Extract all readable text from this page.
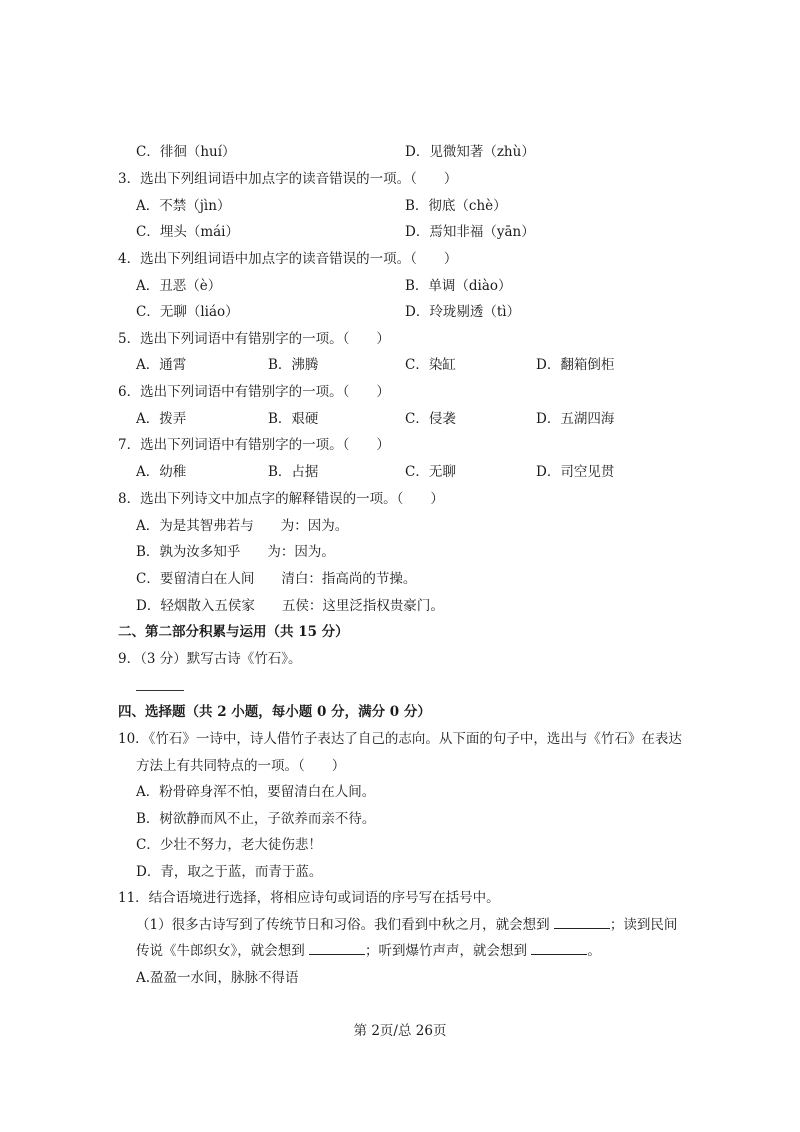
C．徘徊（huí）	D．见微知著（zhù）
3．选出下列组词语中加点字的读音错误的一项。（　　）
A．不禁（jìn）	B．彻底（chè）
C．埋头（mái）	D．焉知非福（yān）
4．选出下列组词语中加点字的读音错误的一项。（　　）
A．丑恶（è）	B．单调（diào）
C．无聊（liáo）	D．玲珑剔透（tì）
5．选出下列词语中有错别字的一项。（　　）
A．通霄	B．沸腾	C．染缸	D．翻箱倒柜
6．选出下列词语中有错别字的一项。（　　）
A．拨弄	B．艰硬	C．侵袭	D．五湖四海
7．选出下列词语中有错别字的一项。（　　）
A．幼稚	B．占据	C．无聊	D．司空见贯
8．选出下列诗文中加点字的解释错误的一项。（　　）
A．为是其智弗若与　　为：因为。
B．孰为汝多知乎　　为：因为。
C．要留清白在人间　　清白：指高尚的节操。
D．轻烟散入五侯家　　五侯：这里泛指权贵豪门。
二、第二部分积累与运用（共 15 分）
9．（3 分）默写古诗《竹石》。
四、选择题（共 2 小题，每小题 0 分，满分 0 分）
10．《竹石》一诗中，诗人借竹子表达了自己的志向。从下面的句子中，选出与《竹石》在表达
方法上有共同特点的一项。（　　）
A．粉骨碎身浑不怕，要留清白在人间。
B．树欲静而风不止，子欲养而亲不待。
C．少壮不努力，老大徒伤悲！
D．青，取之于蓝，而青于蓝。
11．结合语境进行选择，将相应诗句或词语的序号写在括号中。
（1）很多古诗写到了传统节日和习俗。我们看到中秋之月，就会想到	；读到民间
传说《牛郎织女》，就会想到	；听到爆竹声声，就会想到	。
A.盈盈一水间，脉脉不得语
第 2页/总 26页
